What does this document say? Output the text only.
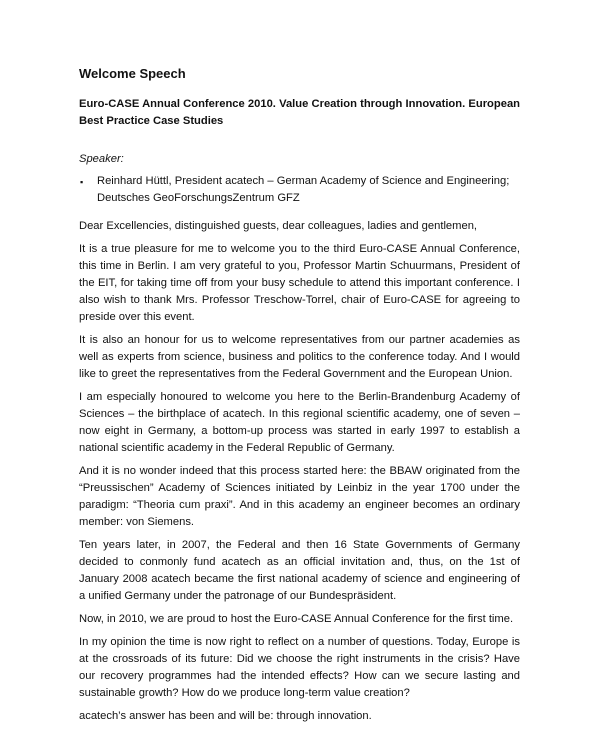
Welcome Speech
Euro-CASE Annual Conference 2010. Value Creation through Innovation. European Best Practice Case Studies
Speaker:
▪ Reinhard Hüttl, President acatech – German Academy of Science and Engineering; Deutsches GeoForschungsZentrum GFZ

Dear Excellencies, distinguished guests, dear colleagues, ladies and gentlemen,

It is a true pleasure for me to welcome you to the third Euro-CASE Annual Conference, this time in Berlin. I am very grateful to you, Professor Martin Schuurmans, President of the EIT, for taking time off from your busy schedule to attend this important conference. I also wish to thank Mrs. Professor Treschow-Torrel, chair of Euro-CASE for agreeing to preside over this event.

It is also an honour for us to welcome representatives from our partner academies as well as experts from science, business and politics to the conference today. And I would like to greet the representatives from the Federal Government and the European Union.

I am especially honoured to welcome you here to the Berlin-Brandenburg Academy of Sciences – the birthplace of acatech. In this regional scientific academy, one of seven – now eight in Germany, a bottom-up process was started in early 1997 to establish a national scientific academy in the Federal Republic of Germany.

And it is no wonder indeed that this process started here: the BBAW originated from the “Preussischen” Academy of Sciences initiated by Leinbiz in the year 1700 under the paradigm: “Theoria cum praxi”. And in this academy an engineer becomes an ordinary member: von Siemens.

Ten years later, in 2007, the Federal and then 16 State Governments of Germany decided to conmonly fund acatech as an official invitation and, thus, on the 1st of January 2008 acatech became the first national academy of science and engineering of a unified Germany under the patronage of our Bundespräsident.

Now, in 2010, we are proud to host the Euro-CASE Annual Conference for the first time.

In my opinion the time is now right to reflect on a number of questions. Today, Europe is at the crossroads of its future: Did we choose the right instruments in the crisis? Have our recovery programmes had the intended effects? How can we secure lasting and sustainable growth? How do we produce long-term value creation?

acatech’s answer has been and will be: through innovation.
